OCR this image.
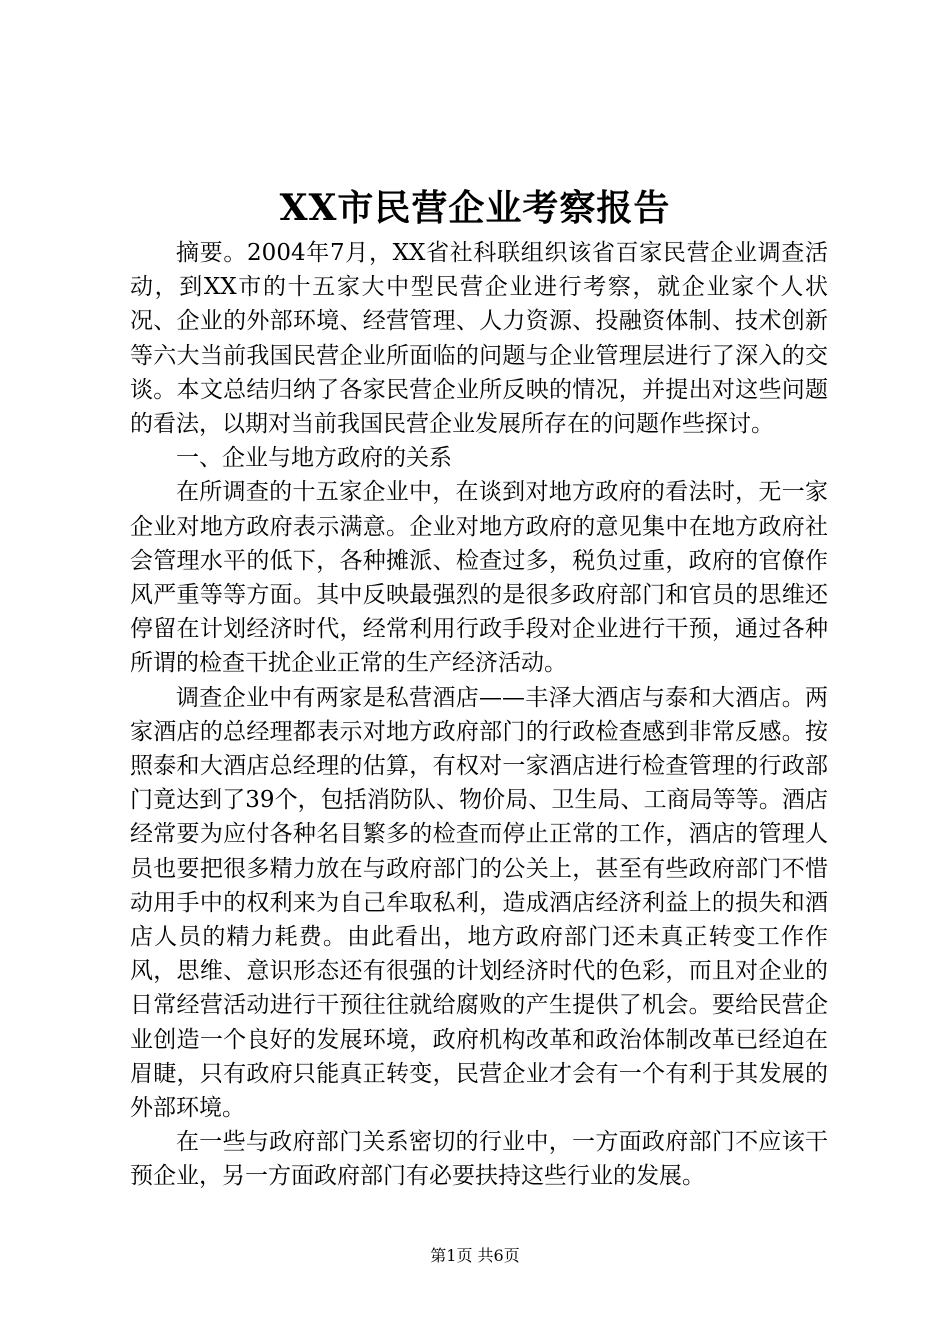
XX市民营企业考察报告

摘要。2004年7月，XX省社科联组织该省百家民营企业调查活动，到XX市的十五家大中型民营企业进行考察，就企业家个人状况、企业的外部环境、经营管理、人力资源、投融资体制、技术创新等六大当前我国民营企业所面临的问题与企业管理层进行了深入的交谈。本文总结归纳了各家民营企业所反映的情况，并提出对这些问题的看法，以期对当前我国民营企业发展所存在的问题作些探讨。

一、企业与地方政府的关系

在所调查的十五家企业中，在谈到对地方政府的看法时，无一家企业对地方政府表示满意。企业对地方政府的意见集中在地方政府社会管理水平的低下，各种摊派、检查过多，税负过重，政府的官僚作风严重等等方面。其中反映最强烈的是很多政府部门和官员的思维还停留在计划经济时代，经常利用行政手段对企业进行干预，通过各种所谓的检查干扰企业正常的生产经济活动。

调查企业中有两家是私营酒店——丰泽大酒店与泰和大酒店。两家酒店的总经理都表示对地方政府部门的行政检查感到非常反感。按照泰和大酒店总经理的估算，有权对一家酒店进行检查管理的行政部门竟达到了39个，包括消防队、物价局、卫生局、工商局等等。酒店经常要为应付各种名目繁多的检查而停止正常的工作，酒店的管理人员也要把很多精力放在与政府部门的公关上，甚至有些政府部门不惜动用手中的权利来为自己牟取私利，造成酒店经济利益上的损失和酒店人员的精力耗费。由此看出，地方政府部门还未真正转变工作作风，思维、意识形态还有很强的计划经济时代的色彩，而且对企业的日常经营活动进行干预往往就给腐败的产生提供了机会。要给民营企业创造一个良好的发展环境，政府机构改革和政治体制改革已经迫在眉睫，只有政府只能真正转变，民营企业才会有一个有利于其发展的外部环境。

在一些与政府部门关系密切的行业中，一方面政府部门不应该干预企业，另一方面政府部门有必要扶持这些行业的发展。

第1页 共6页
